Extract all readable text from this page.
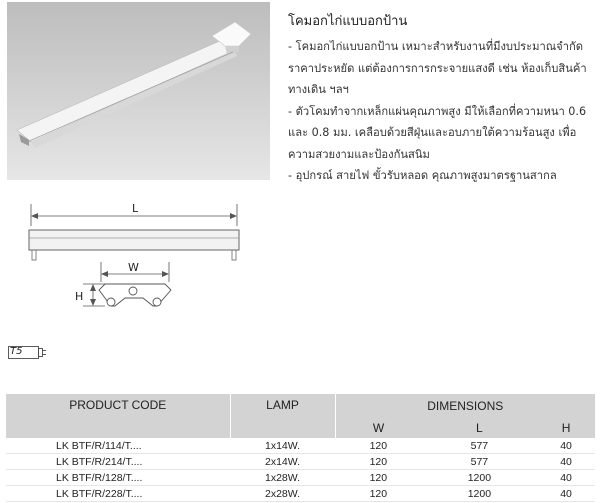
L
W
H
T5
โคมอกไก่แบบอกป้าน

- โคมอกไก่แบบอกป้าน เหมาะสำหรับงานที่มีงบประมาณจำกัด ราคาประหยัด แต่ต้องการการกระจายแสงดี เช่น ห้องเก็บสินค้า ทางเดิน ฯลฯ

- ตัวโคมทำจากเหล็กแผ่นคุณภาพสูง มีให้เลือกที่ความหนา 0.6 และ 0.8 มม. เคลือบด้วยสีฝุ่นและอบภายใต้ความร้อนสูง เพื่อความสวยงามและป้องกันสนิม

- อุปกรณ์ สายไฟ ขั้วรับหลอด คุณภาพสูงมาตรฐานสากล

PRODUCT CODE	LAMP	DIMENSIONS		
		W	L	H
LK BTF/R/114/T....	1x14W.	120	577	40
LK BTF/R/214/T....	2x14W.	120	577	40
LK BTF/R/128/T....	1x28W.	120	1200	40
LK BTF/R/228/T....	2x28W.	120	1200	40
